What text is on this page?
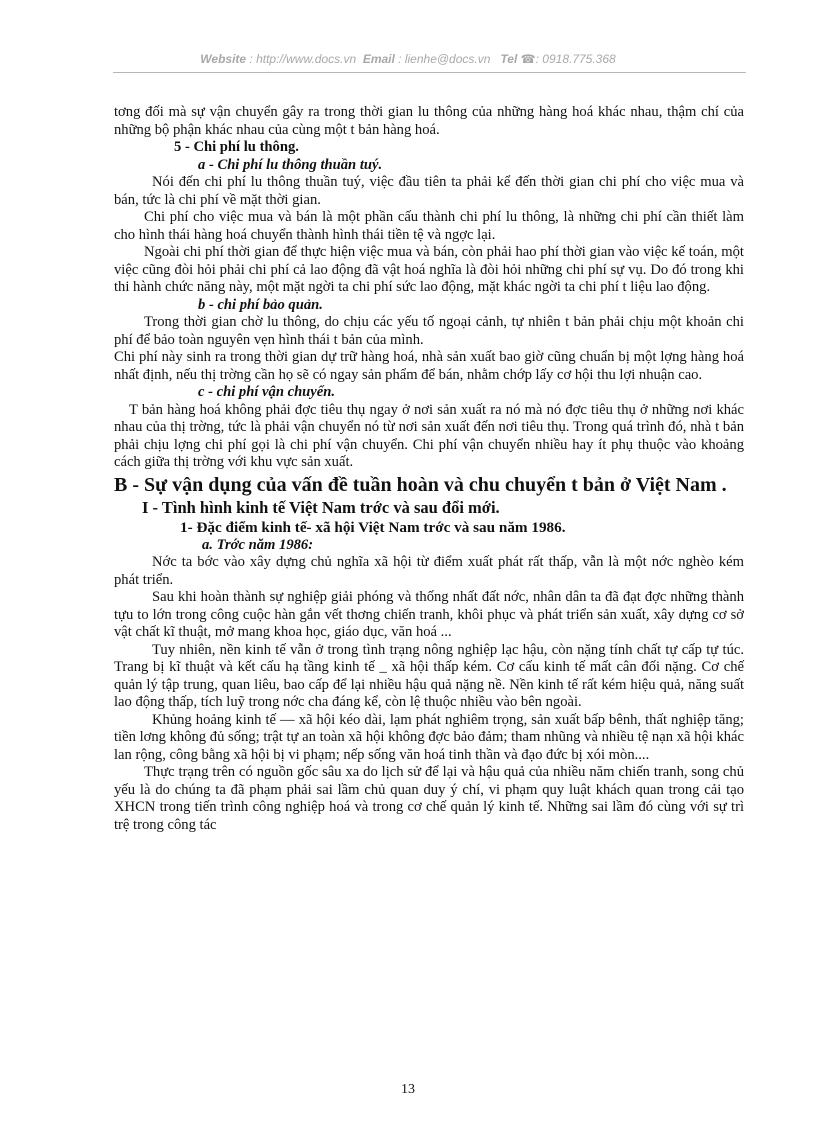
Website : http://www.docs.vn Email : lienhe@docs.vn Tel ☎: 0918.775.368

tơng đối mà sự vận chuyển gây ra trong thời gian lu thông của những hàng hoá khác nhau, thậm chí của những bộ phận khác nhau của cùng một t bản hàng hoá.

5 - Chi phí lu thông.

a - Chi phí lu thông thuần tuý.

Nói đến chi phí lu thông thuần tuý, việc đầu tiên ta phải kể đến thời gian chi phí cho việc mua và bán, tức là chi phí về mặt thời gian.

Chi phí cho việc mua và bán là một phần cấu thành chi phí lu thông, là những chi phí cần thiết làm cho hình thái hàng hoá chuyển thành hình thái tiền tệ và ngợc lại.

Ngoài chi phí thời gian để thực hiện việc mua và bán, còn phải hao phí thời gian vào việc kế toán, một việc cũng đòi hỏi phải chi phí cả lao động đã vật hoá nghĩa là đòi hỏi những chi phí sự vụ. Do đó trong khi thi hành chức năng này, một mặt ngời ta chi phí sức lao động, mặt khác ngời ta chi phí t liệu lao động.

b - chi phí bảo quản.

Trong thời gian chờ lu thông, do chịu các yếu tố ngoại cảnh, tự nhiên t bản phải chịu một khoản chi phí để bảo toàn nguyên vẹn hình thái t bản của mình.

Chi phí này sinh ra trong thời gian dự trữ hàng hoá, nhà sản xuất bao giờ cũng chuẩn bị một lợng hàng hoá nhất định, nếu thị trờng cần họ sẽ có ngay sản phẩm để bán, nhằm chớp lấy cơ hội thu lợi nhuận cao.

c - chi phí vận chuyển.

T bản hàng hoá không phải đợc tiêu thụ ngay ở nơi sản xuất ra nó mà nó đợc tiêu thụ ở những nơi khác nhau của thị trờng, tức là phải vận chuyển nó từ nơi sản xuất đến nơi tiêu thụ. Trong quá trình đó, nhà t bản phải chịu lợng chi phí gọi là chi phí vận chuyển. Chi phí vận chuyển nhiều hay ít phụ thuộc vào khoảng cách giữa thị trờng với khu vực sản xuất.

B - Sự vận dụng của vấn đề tuần hoàn và chu chuyển t bản ở Việt Nam .

I - Tình hình kinh tế Việt Nam trớc và sau đổi mới.

1- Đặc điểm kinh tế- xã hội Việt Nam trớc và sau năm 1986.

a. Trớc năm 1986:

Nớc ta bớc vào xây dựng chủ nghĩa xã hội từ điểm xuất phát rất thấp, vẫn là một nớc nghèo kém phát triển.

Sau khi hoàn thành sự nghiệp giải phóng và thống nhất đất nớc, nhân dân ta đã đạt đợc những thành tựu to lớn trong công cuộc hàn gắn vết thơng chiến tranh, khôi phục và phát triển sản xuất, xây dựng cơ sở vật chất kĩ thuật, mở mang khoa học, giáo dục, văn hoá ...

Tuy nhiên, nền kinh tế vẫn ở trong tình trạng nông nghiệp lạc hậu, còn nặng tính chất tự cấp tự túc. Trang bị kĩ thuật và kết cấu hạ tầng kinh tế _ xã hội thấp kém. Cơ cấu kinh tế mất cân đối nặng. Cơ chế quản lý tập trung, quan liêu, bao cấp để lại nhiều hậu quả nặng nề. Nền kinh tế rất kém hiệu quả, năng suất lao động thấp, tích luỹ trong nớc cha đáng kể, còn lệ thuộc nhiều vào bên ngoài.

Khủng hoảng kinh tế — xã hội kéo dài, lạm phát nghiêm trọng, sản xuất bấp bênh, thất nghiệp tăng; tiền lơng không đủ sống; trật tự an toàn xã hội không đợc bảo đảm; tham nhũng và nhiều tệ nạn xã hội khác lan rộng, công bằng xã hội bị vi phạm; nếp sống văn hoá tinh thần và đạo đức bị xói mòn....

Thực trạng trên có nguồn gốc sâu xa do lịch sử để lại và hậu quả của nhiều năm chiến tranh, song chủ yếu là do chúng ta đã phạm phải sai lầm chủ quan duy ý chí, vi phạm quy luật khách quan trong cải tạo XHCN trong tiến trình công nghiệp hoá và trong cơ chế quản lý kinh tế. Những sai lầm đó cùng với sự trì trệ trong công tác

13
